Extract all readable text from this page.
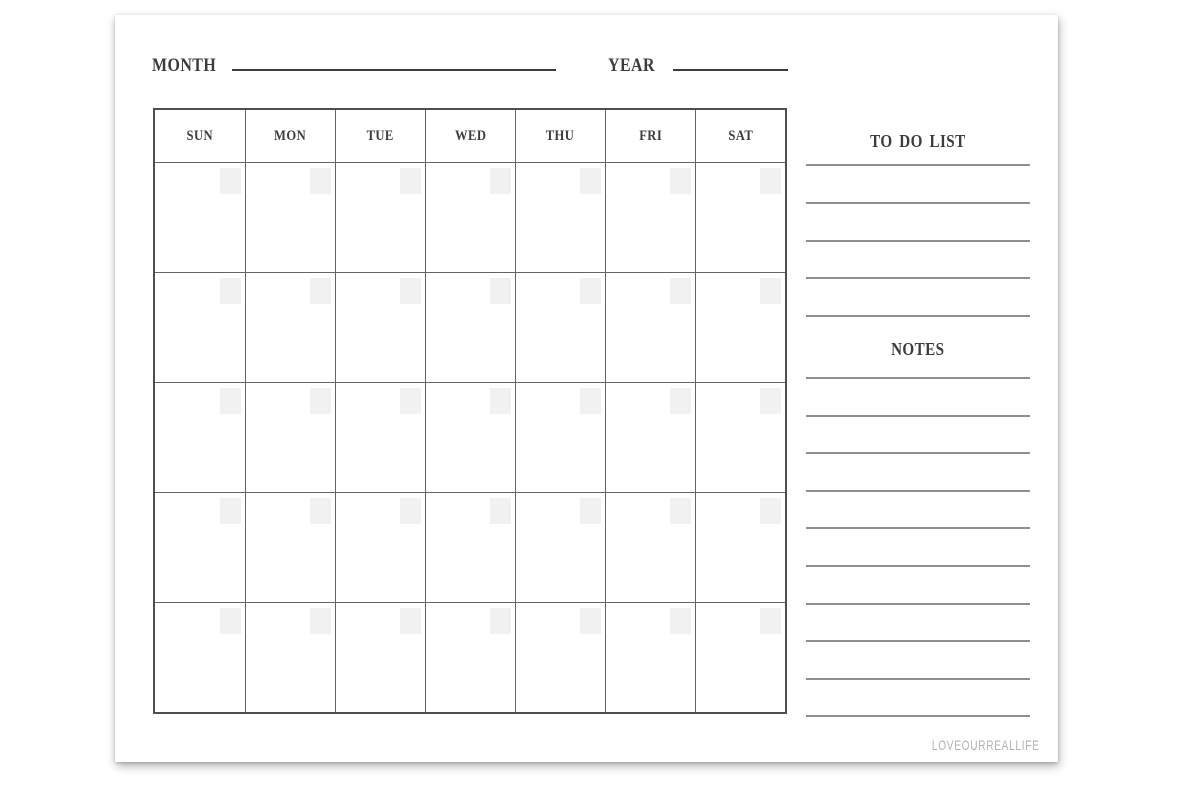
MONTH	YEAR
SUN	MON	TUE	WED	THU	FRI	SAT	TO DO LIST
NOTES
LOVEOURREALLIFE
